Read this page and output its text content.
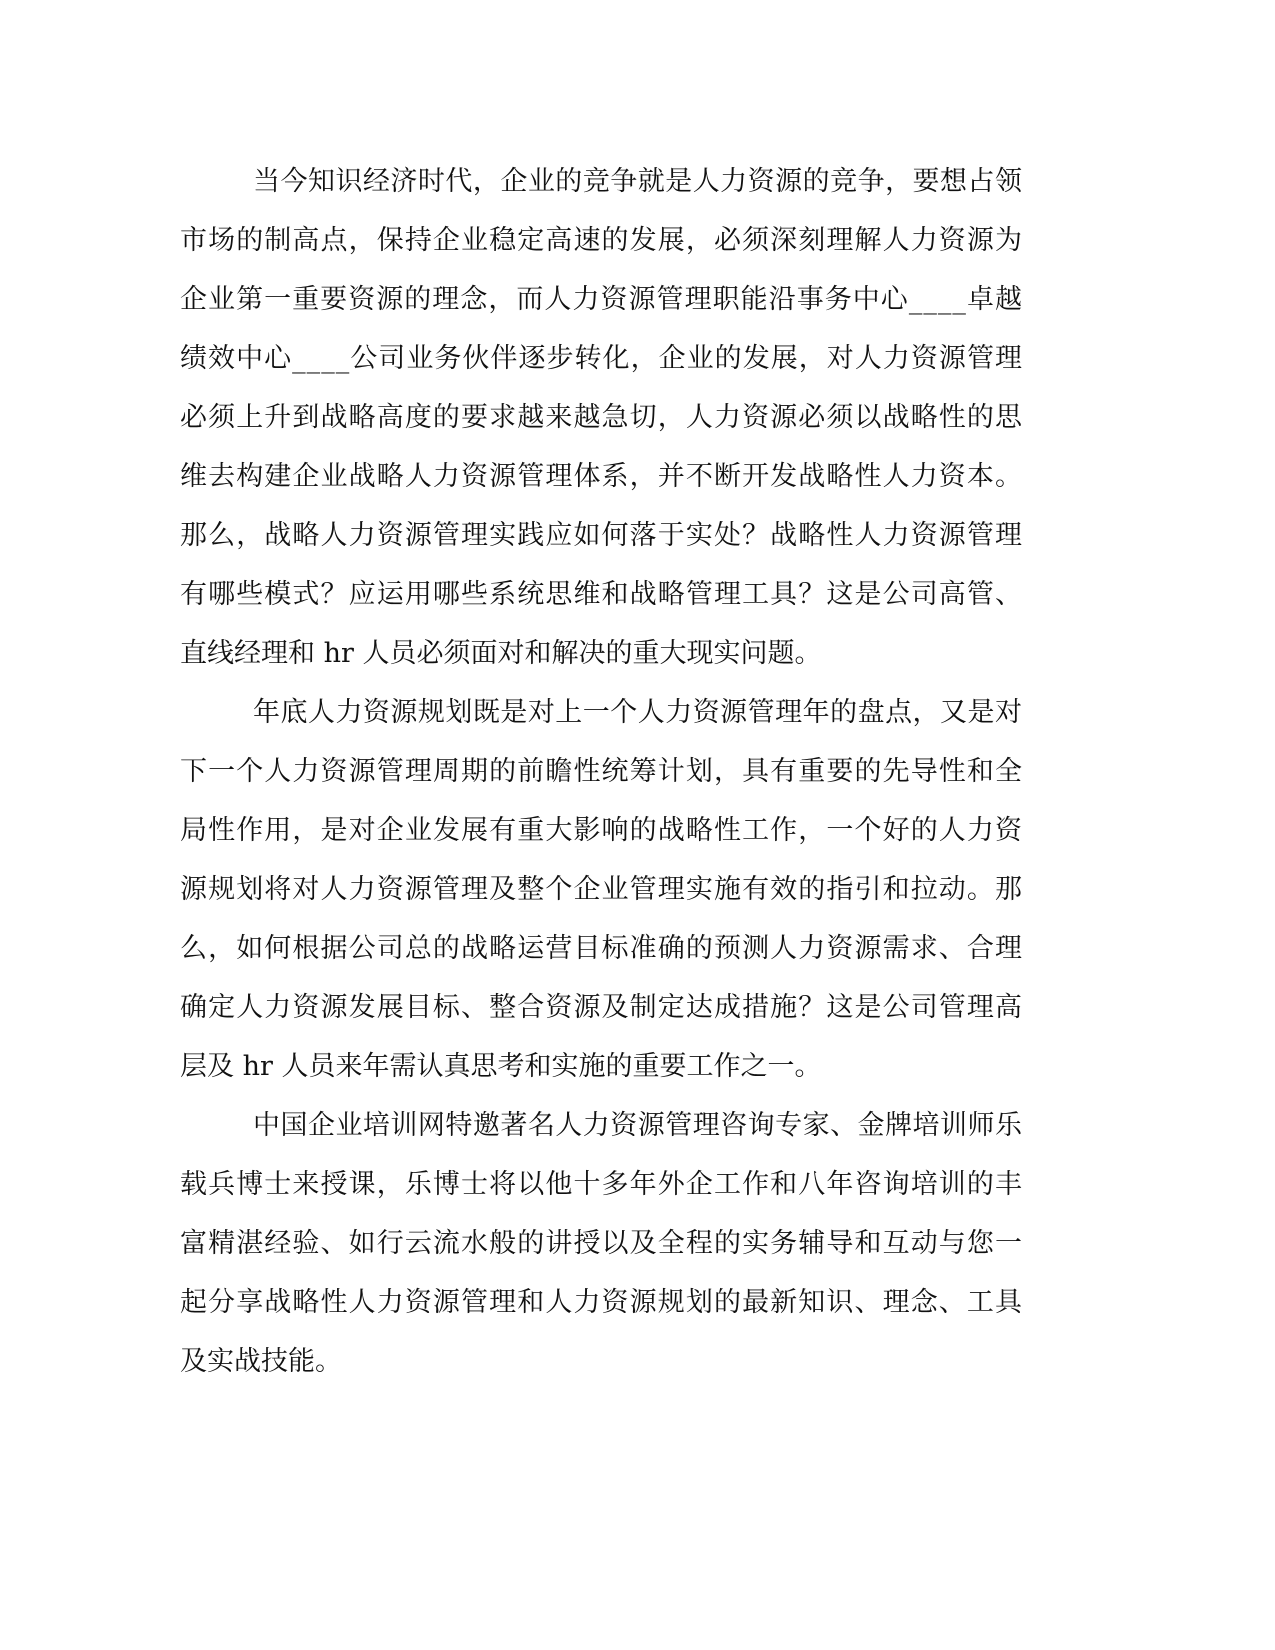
当今知识经济时代，企业的竞争就是人力资源的竞争，要想占领
市场的制高点，保持企业稳定高速的发展，必须深刻理解人力资源为
企业第一重要资源的理念，而人力资源管理职能沿事务中心____卓越
绩效中心____公司业务伙伴逐步转化，企业的发展，对人力资源管理
必须上升到战略高度的要求越来越急切，人力资源必须以战略性的思
维去构建企业战略人力资源管理体系，并不断开发战略性人力资本。
那么，战略人力资源管理实践应如何落于实处？战略性人力资源管理
有哪些模式？应运用哪些系统思维和战略管理工具？这是公司高管、
直线经理和 hr 人员必须面对和解决的重大现实问题。
年底人力资源规划既是对上一个人力资源管理年的盘点，又是对
下一个人力资源管理周期的前瞻性统筹计划，具有重要的先导性和全
局性作用，是对企业发展有重大影响的战略性工作，一个好的人力资
源规划将对人力资源管理及整个企业管理实施有效的指引和拉动。那
么，如何根据公司总的战略运营目标准确的预测人力资源需求、合理
确定人力资源发展目标、整合资源及制定达成措施？这是公司管理高
层及 hr 人员来年需认真思考和实施的重要工作之一。
中国企业培训网特邀著名人力资源管理咨询专家、金牌培训师乐
载兵博士来授课，乐博士将以他十多年外企工作和八年咨询培训的丰
富精湛经验、如行云流水般的讲授以及全程的实务辅导和互动与您一
起分享战略性人力资源管理和人力资源规划的最新知识、理念、工具
及实战技能。
